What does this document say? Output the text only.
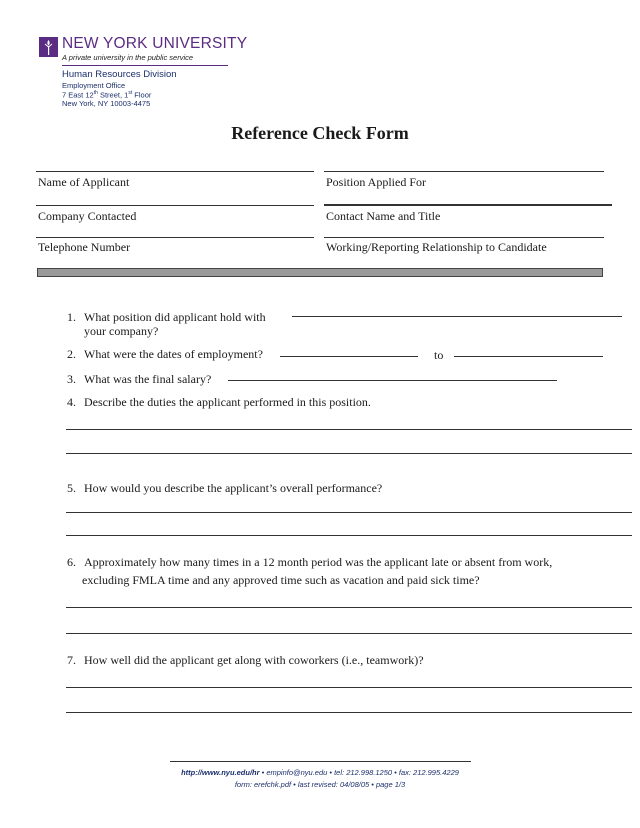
NEW YORK UNIVERSITY
A private university in the public service
Human Resources Division
Employment Office
7 East 12th Street, 1st Floor
New York, NY 10003-4475
Reference Check Form
Name of Applicant	Position Applied For
Company Contacted	Contact Name and Title
Telephone Number	Working/Reporting Relationship to Candidate
1. What position did applicant hold with
your company?
2. What were the dates of employment?	to
3. What was the final salary?
4. Describe the duties the applicant performed in this position.
5. How would you describe the applicant’s overall performance?
6. Approximately how many times in a 12 month period was the applicant late or absent from work,
excluding FMLA time and any approved time such as vacation and paid sick time?
7. How well did the applicant get along with coworkers (i.e., teamwork)?
http://www.nyu.edu/hr • empinfo@nyu.edu • tel: 212.998.1250 • fax: 212.995.4229
form: erefchk.pdf • last revised: 04/08/05 • page 1/3
